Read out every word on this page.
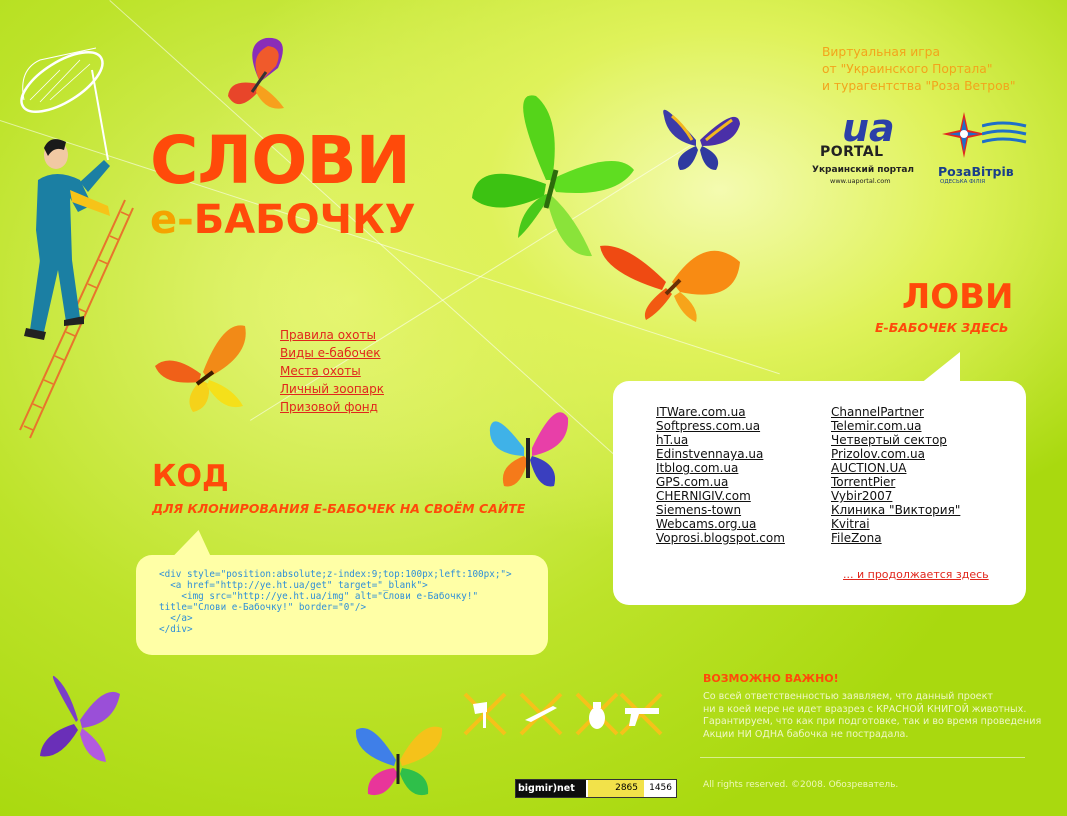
СЛОВИ
е-БАБОЧКУ
Правила охоты
Виды е-бабочек
Места охоты
Личный зоопарк
Призовой фонд
Виртуальная игра
от "Украинского Портала"
и турагентства "Роза Ветров"
ua
PORTAL
Украинский портал
www.uaportal.com
РозаВітрів
ОДЕСЬКА ФІЛІЯ
ЛОВИ
Е-БАБОЧЕК ЗДЕСЬ
ITWare.com.ua
Softpress.com.ua
hT.ua
Edinstvennaya.ua
Itblog.com.ua
GPS.com.ua
CHERNIGIV.com
Siemens-town
Webcams.org.ua
Voprosi.blogspot.com
ChannelPartner
Telemir.com.ua
Четвертый сектор
Prizolov.com.ua
AUCTION.UA
TorrentPier
Vybir2007
Клиника "Виктория"
Kvitrai
FileZona
... и продолжается здесь
КОД
ДЛЯ КЛОНИРОВАНИЯ Е-БАБОЧЕК НА СВОЁМ САЙТЕ
<div style="position:absolute;z-index:9;top:100px;left:100px;">
<a href="http://ye.ht.ua/get" target="_blank">
<img src="http://ye.ht.ua/img" alt="Слови е-Бабочку!"
title="Слови е-Бабочку!" border="0"/>
</a>
</div>
ВОЗМОЖНО ВАЖНО!
Со всей ответственностью заявляем, что данный проект
ни в коей мере не идет вразрез с КРАСНОЙ КНИГОЙ животных.
Гарантируем, что как при подготовке, так и во время проведения
Акции НИ ОДНА бабочка не пострадала.
bigmir)net	2865	1456	All rights reserved. ©2008. Обозреватель.
